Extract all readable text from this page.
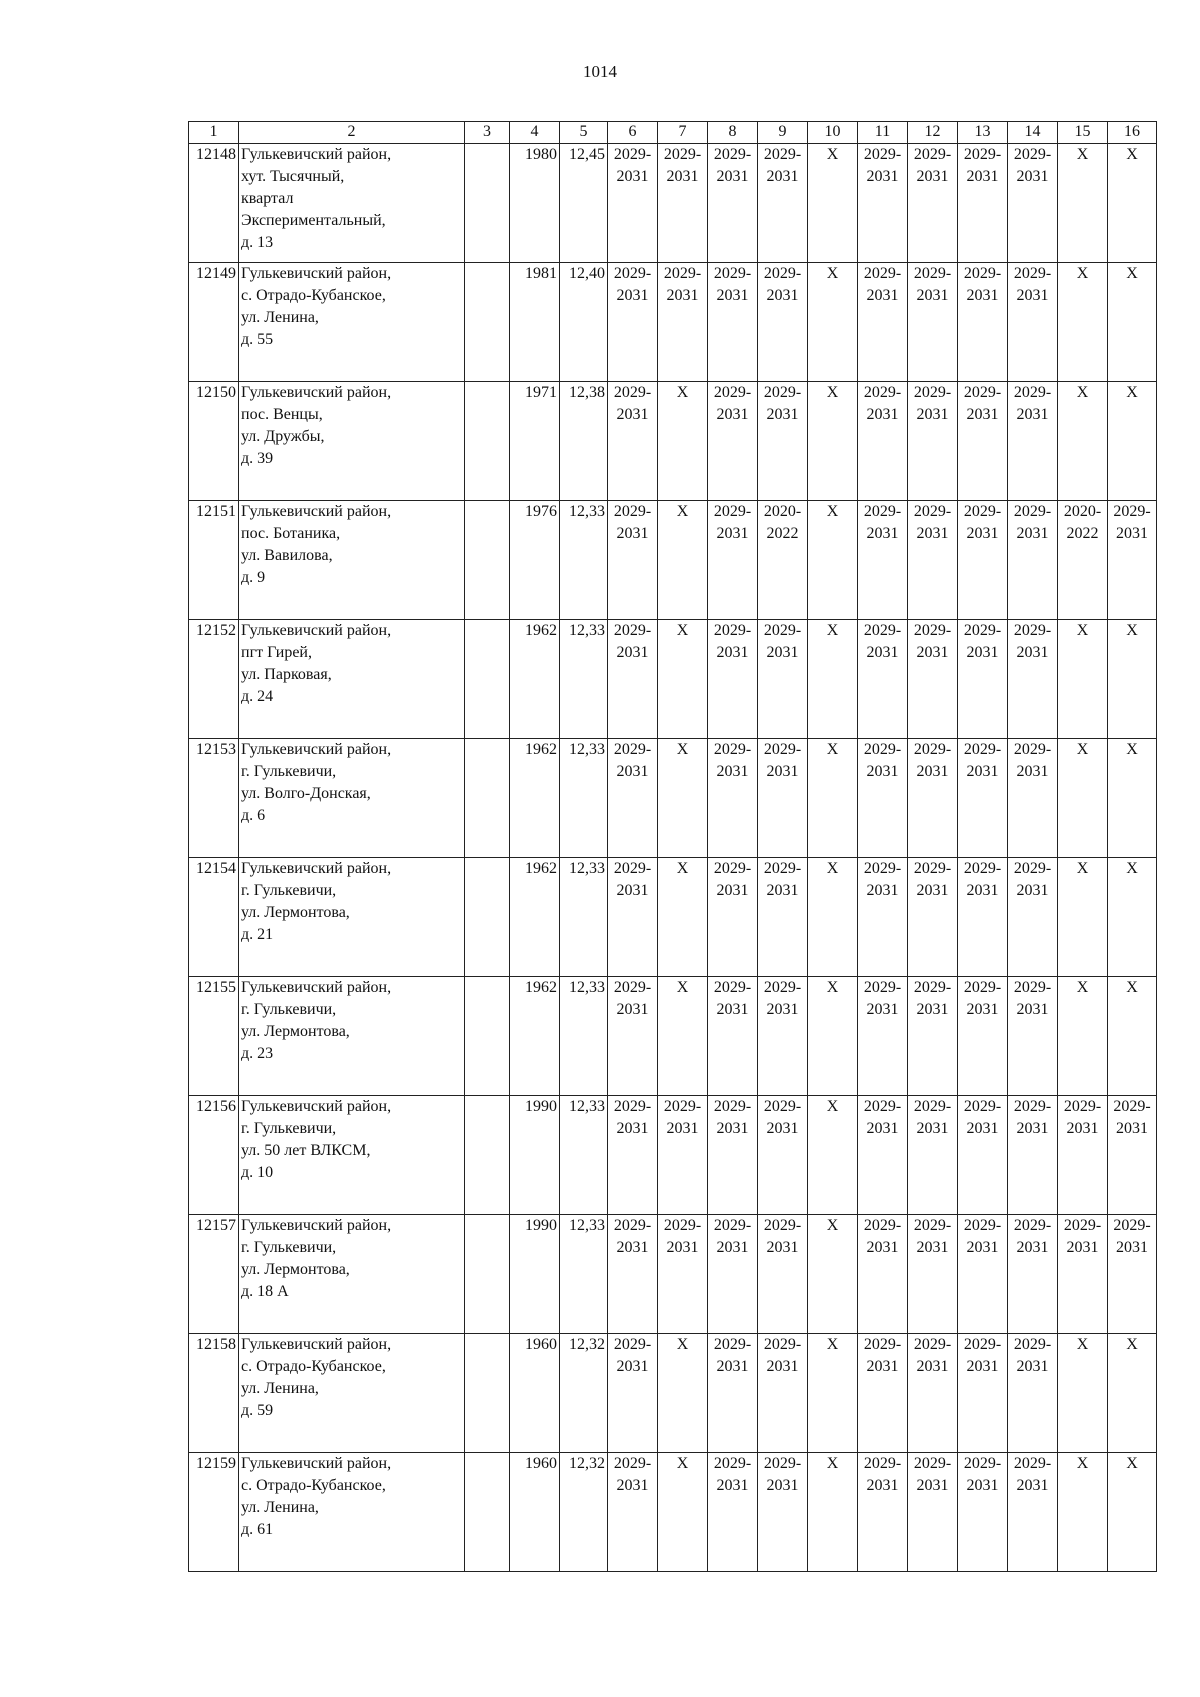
1014
1	2	3	4	5	6	7	8	9	10	11	12	13	14	15	16
12148	Гулькевичский район,
хут. Тысячный,
квартал
Экспериментальный,
д. 13		1980	12,45	2029-
2031	2029-
2031	2029-
2031	2029-
2031	Х	2029-
2031	2029-
2031	2029-
2031	2029-
2031	Х	Х
12149	Гулькевичский район,
с. Отрадо-Кубанское,
ул. Ленина,
д. 55		1981	12,40	2029-
2031	2029-
2031	2029-
2031	2029-
2031	Х	2029-
2031	2029-
2031	2029-
2031	2029-
2031	Х	Х
12150	Гулькевичский район,
пос. Венцы,
ул. Дружбы,
д. 39		1971	12,38	2029-
2031	Х	2029-
2031	2029-
2031	Х	2029-
2031	2029-
2031	2029-
2031	2029-
2031	Х	Х
12151	Гулькевичский район,
пос. Ботаника,
ул. Вавилова,
д. 9		1976	12,33	2029-
2031	Х	2029-
2031	2020-
2022	Х	2029-
2031	2029-
2031	2029-
2031	2029-
2031	2020-
2022	2029-
2031
12152	Гулькевичский район,
пгт Гирей,
ул. Парковая,
д. 24		1962	12,33	2029-
2031	Х	2029-
2031	2029-
2031	Х	2029-
2031	2029-
2031	2029-
2031	2029-
2031	Х	Х
12153	Гулькевичский район,
г. Гулькевичи,
ул. Волго-Донская,
д. 6		1962	12,33	2029-
2031	Х	2029-
2031	2029-
2031	Х	2029-
2031	2029-
2031	2029-
2031	2029-
2031	Х	Х
12154	Гулькевичский район,
г. Гулькевичи,
ул. Лермонтова,
д. 21		1962	12,33	2029-
2031	Х	2029-
2031	2029-
2031	Х	2029-
2031	2029-
2031	2029-
2031	2029-
2031	Х	Х
12155	Гулькевичский район,
г. Гулькевичи,
ул. Лермонтова,
д. 23		1962	12,33	2029-
2031	Х	2029-
2031	2029-
2031	Х	2029-
2031	2029-
2031	2029-
2031	2029-
2031	Х	Х
12156	Гулькевичский район,
г. Гулькевичи,
ул. 50 лет ВЛКСМ,
д. 10		1990	12,33	2029-
2031	2029-
2031	2029-
2031	2029-
2031	Х	2029-
2031	2029-
2031	2029-
2031	2029-
2031	2029-
2031	2029-
2031
12157	Гулькевичский район,
г. Гулькевичи,
ул. Лермонтова,
д. 18 А		1990	12,33	2029-
2031	2029-
2031	2029-
2031	2029-
2031	Х	2029-
2031	2029-
2031	2029-
2031	2029-
2031	2029-
2031	2029-
2031
12158	Гулькевичский район,
с. Отрадо-Кубанское,
ул. Ленина,
д. 59		1960	12,32	2029-
2031	Х	2029-
2031	2029-
2031	Х	2029-
2031	2029-
2031	2029-
2031	2029-
2031	Х	Х
12159	Гулькевичский район,
с. Отрадо-Кубанское,
ул. Ленина,
д. 61		1960	12,32	2029-
2031	Х	2029-
2031	2029-
2031	Х	2029-
2031	2029-
2031	2029-
2031	2029-
2031	Х	Х
